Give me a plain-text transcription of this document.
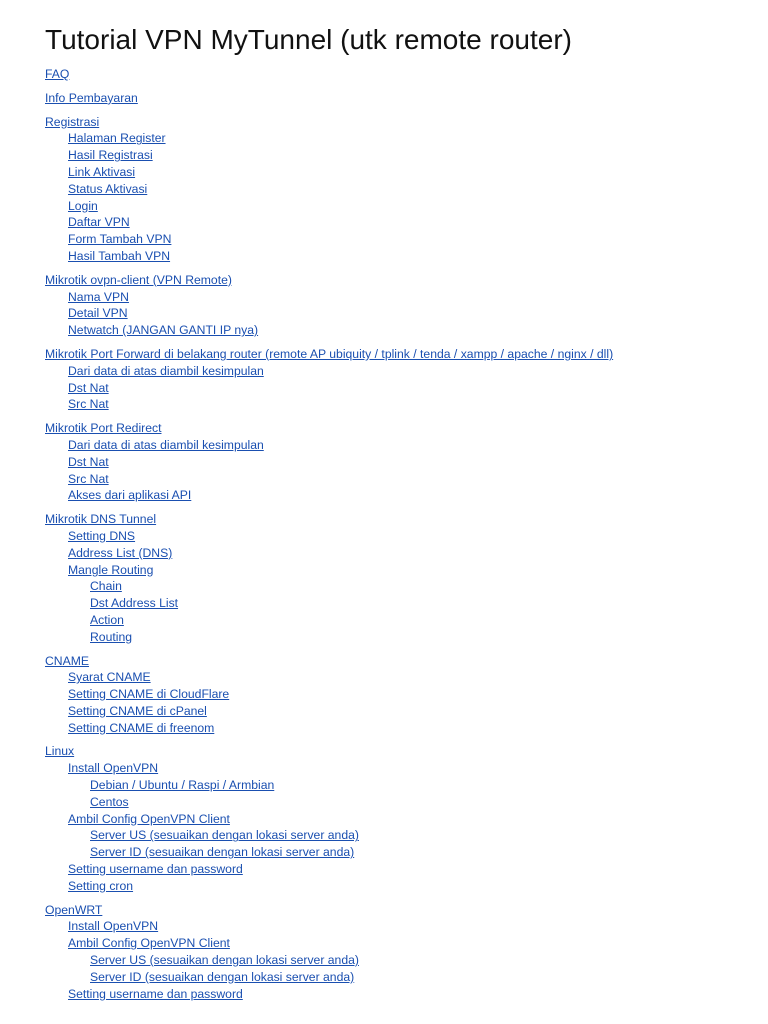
Tutorial VPN MyTunnel (utk remote router)
FAQ
Info Pembayaran
Registrasi
Halaman Register
Hasil Registrasi
Link Aktivasi
Status Aktivasi
Login
Daftar VPN
Form Tambah VPN
Hasil Tambah VPN
Mikrotik ovpn-client (VPN Remote)
Nama VPN
Detail VPN
Netwatch (JANGAN GANTI IP nya)
Mikrotik Port Forward di belakang router (remote AP ubiquity / tplink / tenda / xampp / apache / nginx / dll)
Dari data di atas diambil kesimpulan
Dst Nat
Src Nat
Mikrotik Port Redirect
Dari data di atas diambil kesimpulan
Dst Nat
Src Nat
Akses dari aplikasi API
Mikrotik DNS Tunnel
Setting DNS
Address List (DNS)
Mangle Routing
Chain
Dst Address List
Action
Routing
CNAME
Syarat CNAME
Setting CNAME di CloudFlare
Setting CNAME di cPanel
Setting CNAME di freenom
Linux
Install OpenVPN
Debian / Ubuntu / Raspi / Armbian
Centos
Ambil Config OpenVPN Client
Server US (sesuaikan dengan lokasi server anda)
Server ID (sesuaikan dengan lokasi server anda)
Setting username dan password
Setting cron
OpenWRT
Install OpenVPN
Ambil Config OpenVPN Client
Server US (sesuaikan dengan lokasi server anda)
Server ID (sesuaikan dengan lokasi server anda)
Setting username dan password
